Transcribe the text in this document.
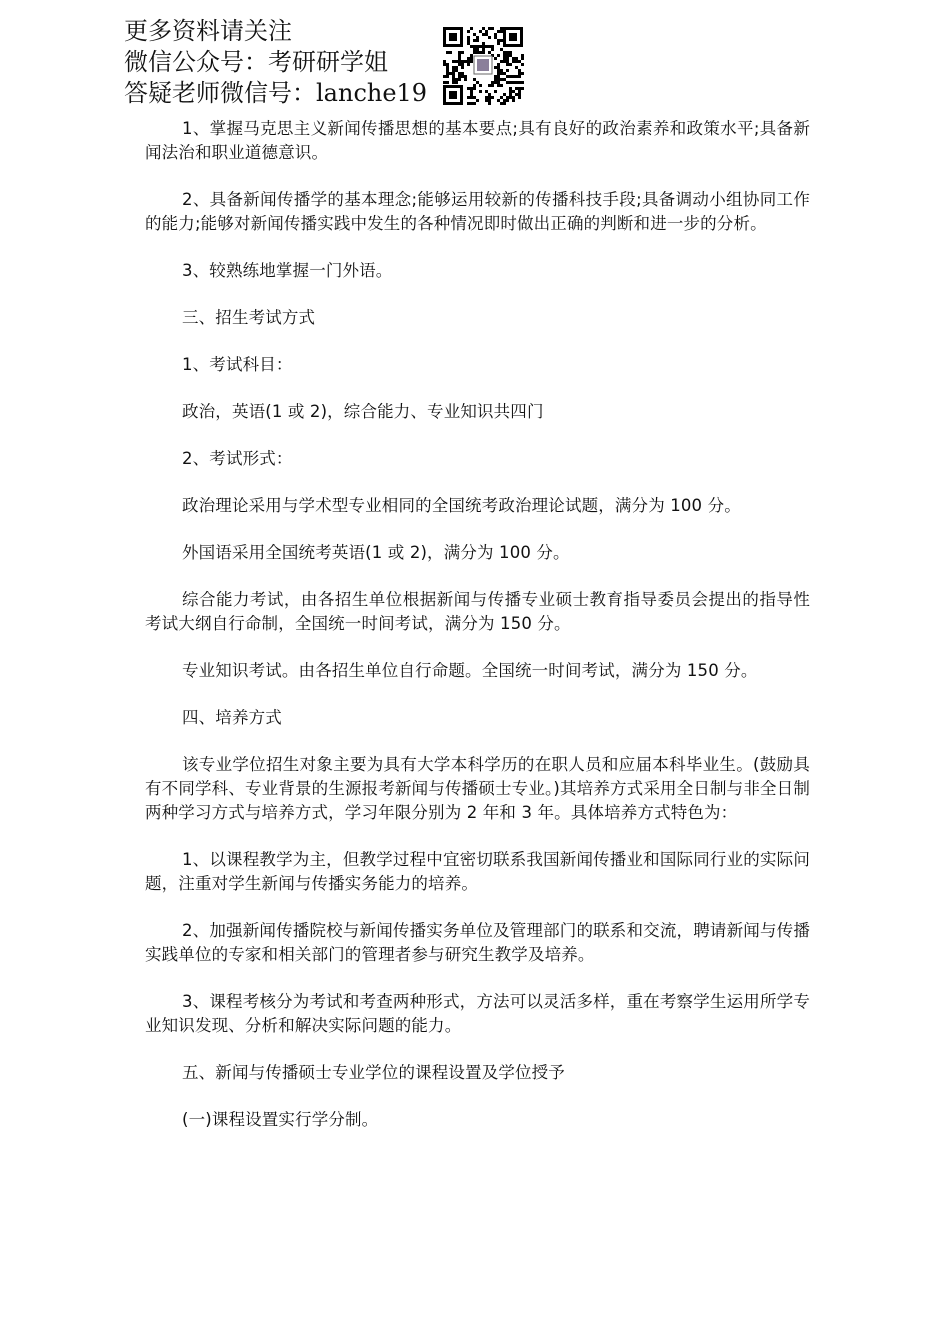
更多资料请关注
微信公众号：考研研学姐
答疑老师微信号：lanche19

1、掌握马克思主义新闻传播思想的基本要点;具有良好的政治素养和政策水平;具备新闻法治和职业道德意识。

2、具备新闻传播学的基本理念;能够运用较新的传播科技手段;具备调动小组协同工作的能力;能够对新闻传播实践中发生的各种情况即时做出正确的判断和进一步的分析。

3、较熟练地掌握一门外语。

三、招生考试方式

1、考试科目：

政治，英语(1 或 2)，综合能力、专业知识共四门

2、考试形式：

政治理论采用与学术型专业相同的全国统考政治理论试题，满分为 100 分。

外国语采用全国统考英语(1 或 2)，满分为 100 分。

综合能力考试，由各招生单位根据新闻与传播专业硕士教育指导委员会提出的指导性考试大纲自行命制，全国统一时间考试，满分为 150 分。

专业知识考试。由各招生单位自行命题。全国统一时间考试，满分为 150 分。

四、培养方式

该专业学位招生对象主要为具有大学本科学历的在职人员和应届本科毕业生。(鼓励具有不同学科、专业背景的生源报考新闻与传播硕士专业。)其培养方式采用全日制与非全日制两种学习方式与培养方式，学习年限分别为 2 年和 3 年。具体培养方式特色为：

1、以课程教学为主，但教学过程中宜密切联系我国新闻传播业和国际同行业的实际问题，注重对学生新闻与传播实务能力的培养。

2、加强新闻传播院校与新闻传播实务单位及管理部门的联系和交流，聘请新闻与传播实践单位的专家和相关部门的管理者参与研究生教学及培养。

3、课程考核分为考试和考查两种形式，方法可以灵活多样，重在考察学生运用所学专业知识发现、分析和解决实际问题的能力。

五、新闻与传播硕士专业学位的课程设置及学位授予

(一)课程设置实行学分制。
